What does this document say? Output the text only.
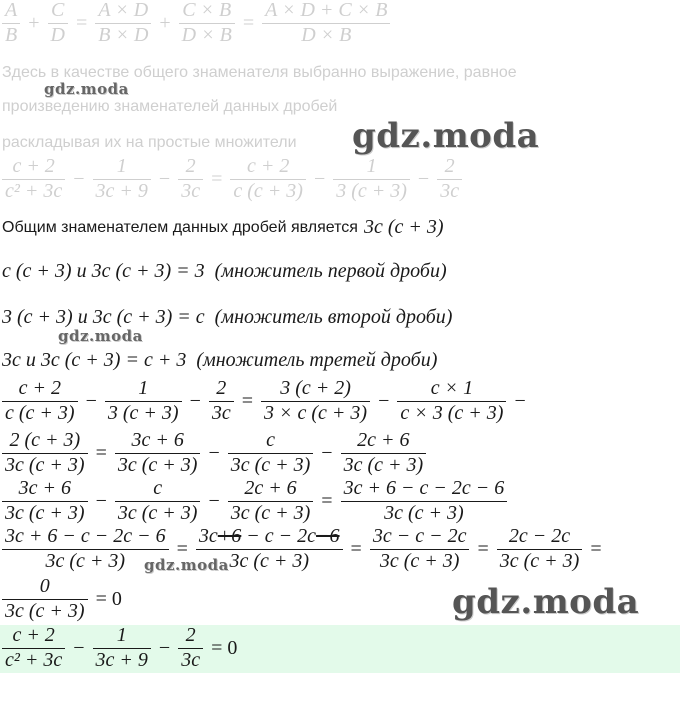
$\frac{A}{B} + \frac{C}{D} = \frac{A \times D}{B \times D} + \frac{C \times B}{D \times B} = \frac{A \times D + C \times B}{D \times B}$
Здесь в качестве общего знаменателя выбранно выражение, равное
произведению знаменателей данных дробей
раскладывая их на простые множители
$\frac{c + 2}{\text{c² + 3c}} - \frac{1}{3c + 9} - \frac{2}{3c} = \frac{c + 2}{c (c + 3)} - \frac{1}{3 (c + 3)} - \frac{2}{3c}$
Общим знаменателем данных дробей является 3c (c + 3)
c (c + 3) и 3c (c + 3) = 3 (множитель первой дроби)
3 (c + 3) и 3c (c + 3) = c (множитель второй дроби)
3c и 3c (c + 3) = c + 3 (множитель третей дроби)
$\frac{c + 2}{c (c + 3)} - \frac{1}{3 (c + 3)} - \frac{2}{3c} = \frac{3 (c + 2)}{3 \times c (c + 3)} - \frac{c \times 1}{c \times 3 (c + 3)}$ −
$\frac{2 (c + 3)}{3c (c + 3)} = \frac{3c + 6}{3c (c + 3)} - \frac{c}{3c (c + 3)} - \frac{2c + 6}{3c (c + 3)}$
$\frac{3c + 6}{3c (c + 3)} - \frac{c}{3c (c + 3)} - \frac{2c + 6}{3c (c + 3)} = \frac{3c + 6 - c - 2c - 6}{3c (c + 3)}$
$\frac{3c + 6 - c - 2c - 6}{3c (c + 3)} = \frac{3c+6 - c - 2c-6}{3c (c + 3)} = \frac{3c - c - 2c}{3c (c + 3)} = \frac{2c - 2c}{3c (c + 3)}$ =
$\frac{0}{3c (c + 3)} = 0$
$\frac{c + 2}{\text{c² + 3c}} - \frac{1}{3c + 9} - \frac{2}{3c} = 0$
gdz.moda
gdz.moda
gdz.moda
gdz.moda
gdz.moda
